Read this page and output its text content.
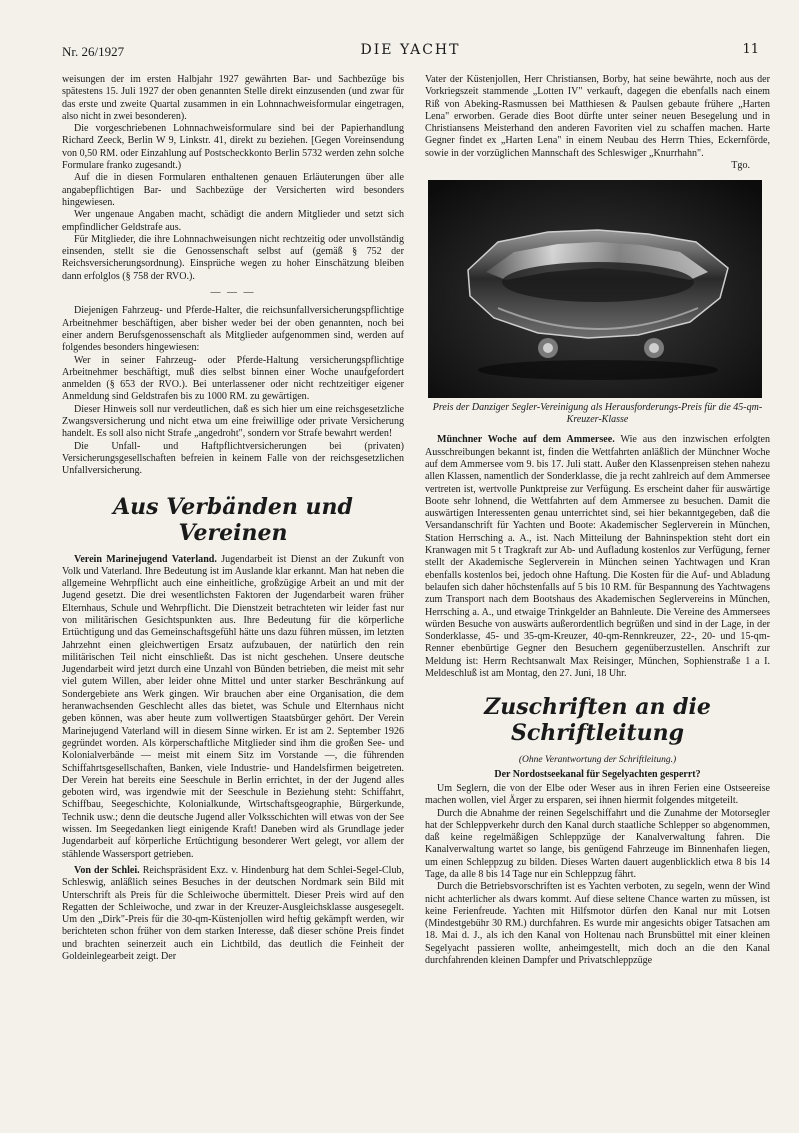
Nr. 26/1927	DIE YACHT	11

weisungen der im ersten Halbjahr 1927 gewährten Bar- und Sachbezüge bis spätestens 15. Juli 1927 der oben genannten Stelle direkt einzusenden (und zwar für das erste und zweite Quartal zusammen in ein Lohnnachweisformular eingetragen, also nicht in zwei besonderen).

Die vorgeschriebenen Lohnnachweisformulare sind bei der Papierhandlung Richard Zeeck, Berlin W 9, Linkstr. 41, direkt zu beziehen. [Gegen Voreinsendung von 0,50 RM. oder Einzahlung auf Postscheckkonto Berlin 5732 werden zehn solche Formulare franko zugesandt.)

Auf die in diesen Formularen enthaltenen genauen Erläuterungen über alle angabepflichtigen Bar- und Sachbezüge der Versicherten wird besonders hingewiesen.

Wer ungenaue Angaben macht, schädigt die andern Mitglieder und setzt sich empfindlicher Geldstrafe aus.

Für Mitglieder, die ihre Lohnnachweisungen nicht rechtzeitig oder unvollständig einsenden, stellt sie die Genossenschaft selbst auf (gemäß § 752 der Reichsversicherungsordnung). Einsprüche wegen zu hoher Einschätzung bleiben dann erfolglos (§ 758 der RVO.).

— — —

Diejenigen Fahrzeug- und Pferde-Halter, die reichsunfallversicherungspflichtige Arbeitnehmer beschäftigen, aber bisher weder bei der oben genannten, noch bei einer andern Berufsgenossenschaft als Mitglieder aufgenommen sind, werden auf folgendes besonders hingewiesen:

Wer in seiner Fahrzeug- oder Pferde-Haltung versicherungspflichtige Arbeitnehmer beschäftigt, muß dies selbst binnen einer Woche unaufgefordert anmelden (§ 653 der RVO.). Bei unterlassener oder nicht rechtzeitiger eigener Anmeldung sind Geldstrafen bis zu 1000 RM. zu gewärtigen.

Dieser Hinweis soll nur verdeutlichen, daß es sich hier um eine reichsgesetzliche Zwangsversicherung und nicht etwa um eine freiwillige oder private Versicherung handelt. Es soll also nicht Strafe „angedroht", sondern vor Strafe bewahrt werden!

Die Unfall- und Haftpflichtversicherungen bei (privaten) Versicherungsgesellschaften befreien in keinem Falle von der reichsgesetzlichen Unfallversicherung.

Aus Verbänden und Vereinen

Verein Marinejugend Vaterland. Jugendarbeit ist Dienst an der Zukunft von Volk und Vaterland. Ihre Bedeutung ist im Auslande klar erkannt. Man hat neben die allgemeine Wehrpflicht auch eine einheitliche, großzügige Arbeit an und mit der Jugend gesetzt. Die drei wesentlichsten Faktoren der Jugendarbeit waren früher Elternhaus, Schule und Wehrpflicht. Die Dienstzeit betrachteten wir leider fast nur von militärischen Gesichtspunkten aus. Ihre Bedeutung für die körperliche Ertüchtigung und das Gemeinschaftsgefühl hätte uns dazu führen müssen, im letzten Jahrzehnt einen gleichwertigen Ersatz aufzubauen, der natürlich den rein militärischen Teil nicht einschließt. Das ist nicht geschehen. Unsere deutsche Jugendarbeit wird jetzt durch eine Unzahl von Bünden betrieben, die meist mit sehr viel gutem Willen, aber leider ohne Mittel und unter starker Beschränkung auf Sondergebiete ans Werk gingen. Wir brauchen aber eine Organisation, die dem heranwachsenden Geschlecht alles das bietet, was Schule und Elternhaus nicht geben können, was aber heute zum vollwertigen Staatsbürger gehört. Der Verein Marinejugend Vaterland will in diesem Sinne wirken. Er ist am 2. September 1926 gegründet worden. Als körperschaftliche Mitglieder sind ihm die großen See- und Kolonialverbände — meist mit einem Sitz im Vorstande —, die führenden Schiffahrtsgesellschaften, Banken, viele Industrie- und Handelsfirmen beigetreten. Der Verein hat bereits eine Seeschule in Berlin errichtet, in der der Jugend alles geboten wird, was irgendwie mit der Seeschule in Beziehung steht: Schiffahrt, Schiffbau, Seegeschichte, Kolonialkunde, Wirtschaftsgeographie, Bürgerkunde, Technik usw.; denn die deutsche Jugend aller Volksschichten will etwas von der See wissen. Im Seegedanken liegt einigende Kraft! Daneben wird als Grundlage jeder Jugendarbeit auf körperliche Ertüchtigung besonderer Wert gelegt, vor allem der stählende Wassersport getrieben.

Von der Schlei. Reichspräsident Exz. v. Hindenburg hat dem Schlei-Segel-Club, Schleswig, anläßlich seines Besuches in der deutschen Nordmark sein Bild mit Unterschrift als Preis für die Schleiwoche übermittelt. Dieser Preis wird auf den Regatten der Schleiwoche, und zwar in der Kreuzer-Ausgleichsklasse ausgesegelt. Um den „Dirk"-Preis für die 30-qm-Küstenjollen wird heftig gekämpft werden, wir berichteten schon früher von dem starken Interesse, daß dieser schöne Preis findet und brachten seinerzeit auch ein Lichtbild, das deutlich die Feinheit der Goldeinlegearbeit zeigt. Der

Vater der Küstenjollen, Herr Christiansen, Borby, hat seine bewährte, noch aus der Vorkriegszeit stammende „Lotten IV" verkauft, dagegen die ebenfalls nach einem Riß von Abeking-Rasmussen bei Matthiesen & Paulsen gebaute frühere „Harten Lena" erworben. Gerade dies Boot dürfte unter seiner neuen Besegelung und in Christiansens Meisterhand den anderen Favoriten viel zu schaffen machen. Harte Gegner findet ex „Harten Lena" in einem Neubau des Herrn Thies, Eckernförde, sowie in der vorzüglichen Mannschaft des Schleswiger „Knurrhahn".

Tgo.
Preis der Danziger Segler-Vereinigung als Herausforderungs-Preis für die 45-qm-Kreuzer-Klasse

Münchner Woche auf dem Ammersee. Wie aus den inzwischen erfolgten Ausschreibungen bekannt ist, finden die Wettfahrten anläßlich der Münchner Woche auf dem Ammersee vom 9. bis 17. Juli statt. Außer den Klassenpreisen stehen nahezu allen Klassen, namentlich der Sonderklasse, die ja recht zahlreich auf dem Ammersee vertreten ist, wertvolle Punktpreise zur Verfügung. Es erscheint daher für auswärtige Boote sehr lohnend, die Wettfahrten auf dem Ammersee zu besuchen. Damit die auswärtigen Interessenten genau unterrichtet sind, sei hier bekanntgegeben, daß die Versandanschrift für Yachten und Boote: Akademischer Seglerverein in München, Station Herrsching a. A., ist. Nach Mitteilung der Bahninspektion steht dort ein Kranwagen mit 5 t Tragkraft zur Ab- und Aufladung kostenlos zur Verfügung, ferner stellt der Akademische Seglerverein in München seinen Yachtwagen und Kran ebenfalls kostenlos bei, jedoch ohne Haftung. Die Kosten für die Auf- und Abladung belaufen sich daher höchstenfalls auf 5 bis 10 RM. für Bespannung des Yachtwagens zum Transport nach dem Bootshaus des Akademischen Seglervereins in München, Herrsching a. A., und etwaige Trinkgelder an Bahnleute. Die Vereine des Ammersees würden Besuche von auswärts außerordentlich begrüßen und sind in der Lage, in der Sonderklasse, 45- und 35-qm-Kreuzer, 40-qm-Rennkreuzer, 22-, 20- und 15-qm-Renner ebenbürtige Gegner den Besuchern gegenüberzustellen. Anschrift zur Meldung ist: Herrn Rechtsanwalt Max Reisinger, München, Sophienstraße 1 a I. Meldeschluß ist am Montag, den 27. Juni, 18 Uhr.

Zuschriften an die Schriftleitung
(Ohne Verantwortung der Schriftleitung.)
Der Nordostseekanal für Segelyachten gesperrt?

Um Seglern, die von der Elbe oder Weser aus in ihren Ferien eine Ostseereise machen wollen, viel Ärger zu ersparen, sei ihnen hiermit folgendes mitgeteilt.

Durch die Abnahme der reinen Segelschiffahrt und die Zunahme der Motorsegler hat der Schleppverkehr durch den Kanal durch staatliche Schlepper so abgenommen, daß keine regelmäßigen Schleppzüge der Kanalverwaltung fahren. Die Kanalverwaltung wartet so lange, bis genügend Fahrzeuge im Binnenhafen liegen, um einen Schleppzug zu bilden. Dieses Warten dauert augenblicklich etwa 8 bis 14 Tage, da alle 8 bis 14 Tage nur ein Schleppzug fährt.

Durch die Betriebsvorschriften ist es Yachten verboten, zu segeln, wenn der Wind nicht achterlicher als dwars kommt. Auf diese seltene Chance warten zu müssen, ist keine Ferienfreude. Yachten mit Hilfsmotor dürfen den Kanal nur mit Lotsen (Mindestgebühr 30 RM.) durchfahren. Es wurde mir angesichts obiger Tatsachen am 18. Mai d. J., als ich den Kanal von Holtenau nach Brunsbüttel mit einer kleinen Segelyacht passieren wollte, anheimgestellt, mich doch an die den Kanal durchfahrenden kleinen Dampfer und Privatschleppzüge
